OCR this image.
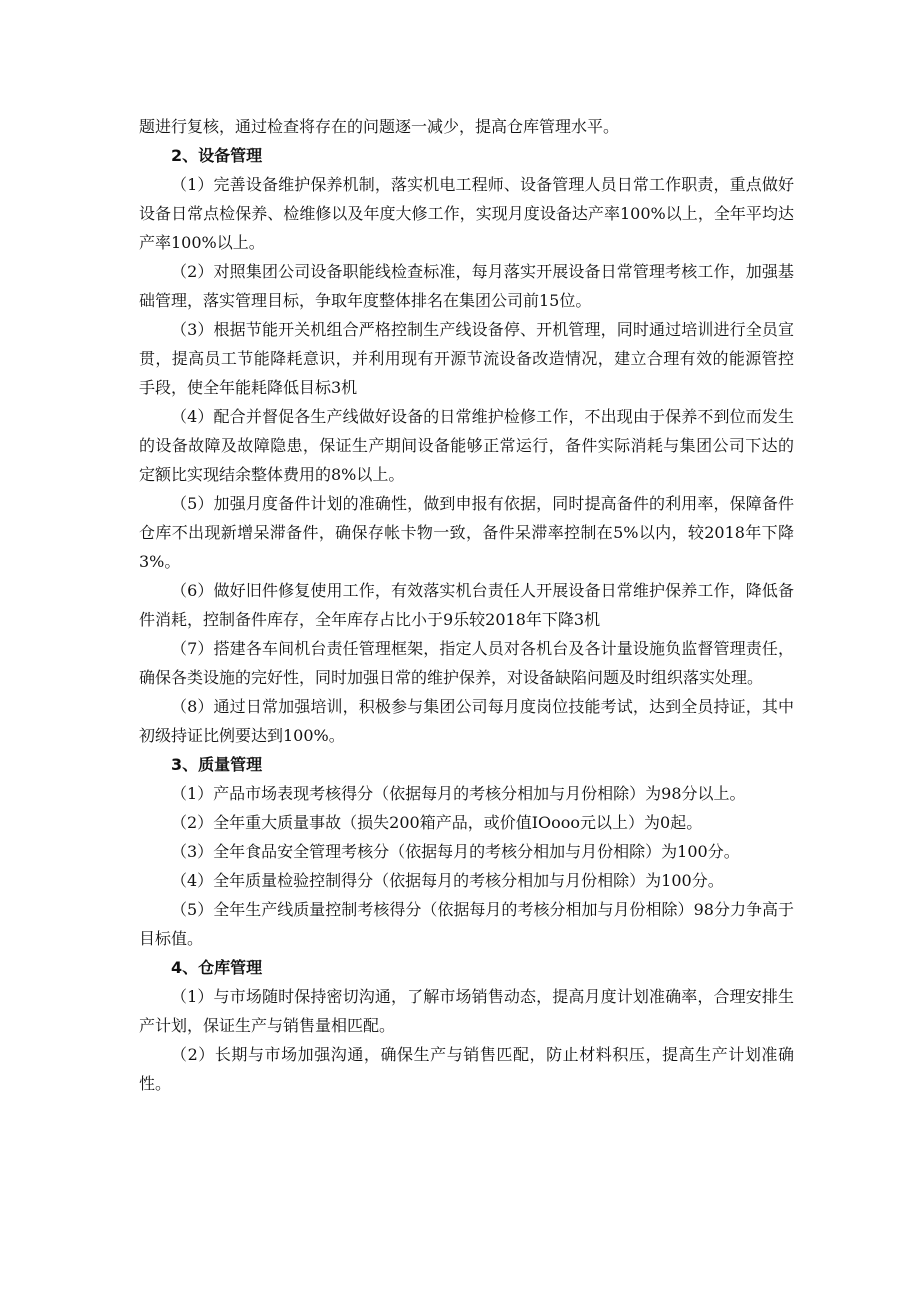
题进行复核，通过检查将存在的问题逐一减少，提高仓库管理水平。

2、设备管理

（1）完善设备维护保养机制，落实机电工程师、设备管理人员日常工作职责，重点做好设备日常点检保养、检维修以及年度大修工作，实现月度设备达产率100%以上，全年平均达产率100%以上。

（2）对照集团公司设备职能线检查标准，每月落实开展设备日常管理考核工作，加强基础管理，落实管理目标，争取年度整体排名在集团公司前15位。

（3）根据节能开关机组合严格控制生产线设备停、开机管理，同时通过培训进行全员宣贯，提高员工节能降耗意识，并利用现有开源节流设备改造情况，建立合理有效的能源管控手段，使全年能耗降低目标3机

（4）配合并督促各生产线做好设备的日常维护检修工作，不出现由于保养不到位而发生的设备故障及故障隐患，保证生产期间设备能够正常运行，备件实际消耗与集团公司下达的定额比实现结余整体费用的8%以上。

（5）加强月度备件计划的准确性，做到申报有依据，同时提高备件的利用率，保障备件仓库不出现新增呆滞备件，确保存帐卡物一致，备件呆滞率控制在5%以内，较2018年下降3%。

（6）做好旧件修复使用工作，有效落实机台责任人开展设备日常维护保养工作，降低备件消耗，控制备件库存，全年库存占比小于9乐较2018年下降3机

（7）搭建各车间机台责任管理框架，指定人员对各机台及各计量设施负监督管理责任，确保各类设施的完好性，同时加强日常的维护保养，对设备缺陷问题及时组织落实处理。

（8）通过日常加强培训，积极参与集团公司每月度岗位技能考试，达到全员持证，其中初级持证比例要达到100%。

3、质量管理

（1）产品市场表现考核得分（依据每月的考核分相加与月份相除）为98分以上。

（2）全年重大质量事故（损失200箱产品，或价值IOooo元以上）为0起。

（3）全年食品安全管理考核分（依据每月的考核分相加与月份相除）为100分。

（4）全年质量检验控制得分（依据每月的考核分相加与月份相除）为100分。

（5）全年生产线质量控制考核得分（依据每月的考核分相加与月份相除）98分力争高于目标值。

4、仓库管理

（1）与市场随时保持密切沟通，了解市场销售动态，提高月度计划准确率，合理安排生产计划，保证生产与销售量相匹配。

（2）长期与市场加强沟通，确保生产与销售匹配，防止材料积压，提高生产计划准确性。
